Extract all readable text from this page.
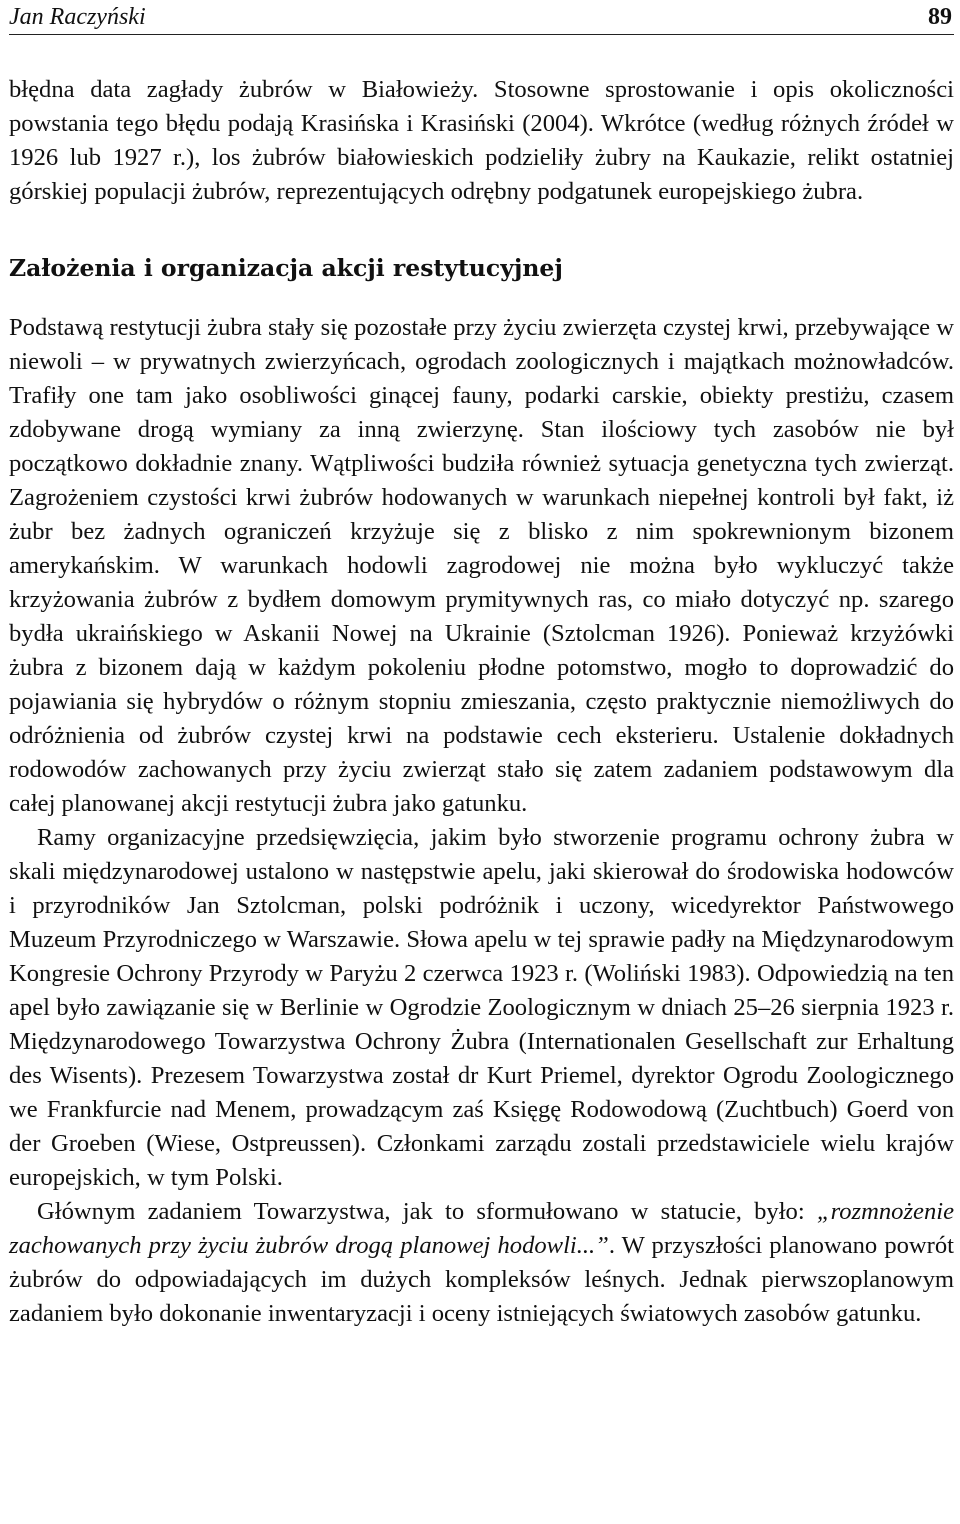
Jan Raczyński	89

błędna data zagłady żubrów w Białowieży. Stosowne sprostowanie i opis okoliczności powstania tego błędu podają Krasińska i Krasiński (2004). Wkrótce (według różnych źródeł w 1926 lub 1927 r.), los żubrów białowieskich podzieliły żubry na Kaukazie, relikt ostatniej górskiej populacji żubrów, reprezentujących odrębny podgatunek europejskiego żubra.

Założenia i organizacja akcji restytucyjnej

Podstawą restytucji żubra stały się pozostałe przy życiu zwierzęta czystej krwi, przebywające w niewoli – w prywatnych zwierzyńcach, ogrodach zoologicznych i majątkach możnowładców. Trafiły one tam jako osobliwości ginącej fauny, podarki carskie, obiekty prestiżu, czasem zdobywane drogą wymiany za inną zwierzynę. Stan ilościowy tych zasobów nie był początkowo dokładnie znany. Wątpliwości budziła również sytuacja genetyczna tych zwierząt. Zagrożeniem czystości krwi żubrów hodowanych w warunkach niepełnej kontroli był fakt, iż żubr bez żadnych ograniczeń krzyżuje się z blisko z nim spokrewnionym bizonem amerykańskim. W warunkach hodowli zagrodowej nie można było wykluczyć także krzyżowania żubrów z bydłem domowym prymitywnych ras, co miało dotyczyć np. szarego bydła ukraińskiego w Askanii Nowej na Ukrainie (Sztolcman 1926). Ponieważ krzyżówki żubra z bizonem dają w każdym pokoleniu płodne potomstwo, mogło to doprowadzić do pojawiania się hybrydów o różnym stopniu zmieszania, często praktycznie niemożliwych do odróżnienia od żubrów czystej krwi na podstawie cech eksterieru. Ustalenie dokładnych rodowodów zachowanych przy życiu zwierząt stało się zatem zadaniem podstawowym dla całej planowanej akcji restytucji żubra jako gatunku.

Ramy organizacyjne przedsięwzięcia, jakim było stworzenie programu ochrony żubra w skali międzynarodowej ustalono w następstwie apelu, jaki skierował do środowiska hodowców i przyrodników Jan Sztolcman, polski podróżnik i uczony, wicedyrektor Państwowego Muzeum Przyrodniczego w Warszawie. Słowa apelu w tej sprawie padły na Międzynarodowym Kongresie Ochrony Przyrody w Paryżu 2 czerwca 1923 r. (Woliński 1983). Odpowiedzią na ten apel było zawiązanie się w Berlinie w Ogrodzie Zoologicznym w dniach 25–26 sierpnia 1923 r. Międzynarodowego Towarzystwa Ochrony Żubra (Internationalen Gesellschaft zur Erhaltung des Wisents). Prezesem Towarzystwa został dr Kurt Priemel, dyrektor Ogrodu Zoologicznego we Frankfurcie nad Menem, prowadzącym zaś Księgę Rodowodową (Zuchtbuch) Goerd von der Groeben (Wiese, Ostpreussen). Członkami zarządu zostali przedstawiciele wielu krajów europejskich, w tym Polski.

Głównym zadaniem Towarzystwa, jak to sformułowano w statucie, było: „rozmnożenie zachowanych przy życiu żubrów drogą planowej hodowli...”. W przyszłości planowano powrót żubrów do odpowiadających im dużych kompleksów leśnych. Jednak pierwszoplanowym zadaniem było dokonanie inwentaryzacji i oceny istniejących światowych zasobów gatunku.
